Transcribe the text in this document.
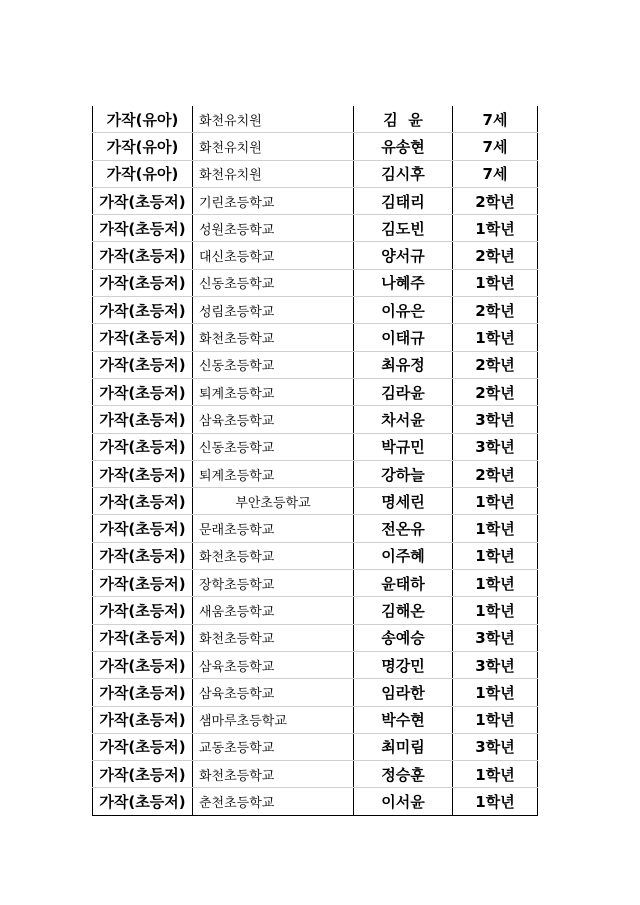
가작(유아)	화천유치원	김  윤	7세
가작(유아)	화천유치원	유송현	7세
가작(유아)	화천유치원	김시후	7세
가작(초등저)	기린초등학교	김태리	2학년
가작(초등저)	성원초등학교	김도빈	1학년
가작(초등저)	대신초등학교	양서규	2학년
가작(초등저)	신동초등학교	나혜주	1학년
가작(초등저)	성림초등학교	이유은	2학년
가작(초등저)	화천초등학교	이태규	1학년
가작(초등저)	신동초등학교	최유정	2학년
가작(초등저)	퇴계초등학교	김라윤	2학년
가작(초등저)	삼육초등학교	차서윤	3학년
가작(초등저)	신동초등학교	박규민	3학년
가작(초등저)	퇴계초등학교	강하늘	2학년
가작(초등저)	부안초등학교	명세린	1학년
가작(초등저)	문래초등학교	전온유	1학년
가작(초등저)	화천초등학교	이주혜	1학년
가작(초등저)	장학초등학교	윤태하	1학년
가작(초등저)	새움초등학교	김해온	1학년
가작(초등저)	화천초등학교	송예승	3학년
가작(초등저)	삼육초등학교	명강민	3학년
가작(초등저)	삼육초등학교	임라한	1학년
가작(초등저)	샘마루초등학교	박수현	1학년
가작(초등저)	교동초등학교	최미림	3학년
가작(초등저)	화천초등학교	정승훈	1학년
가작(초등저)	춘천초등학교	이서윤	1학년
